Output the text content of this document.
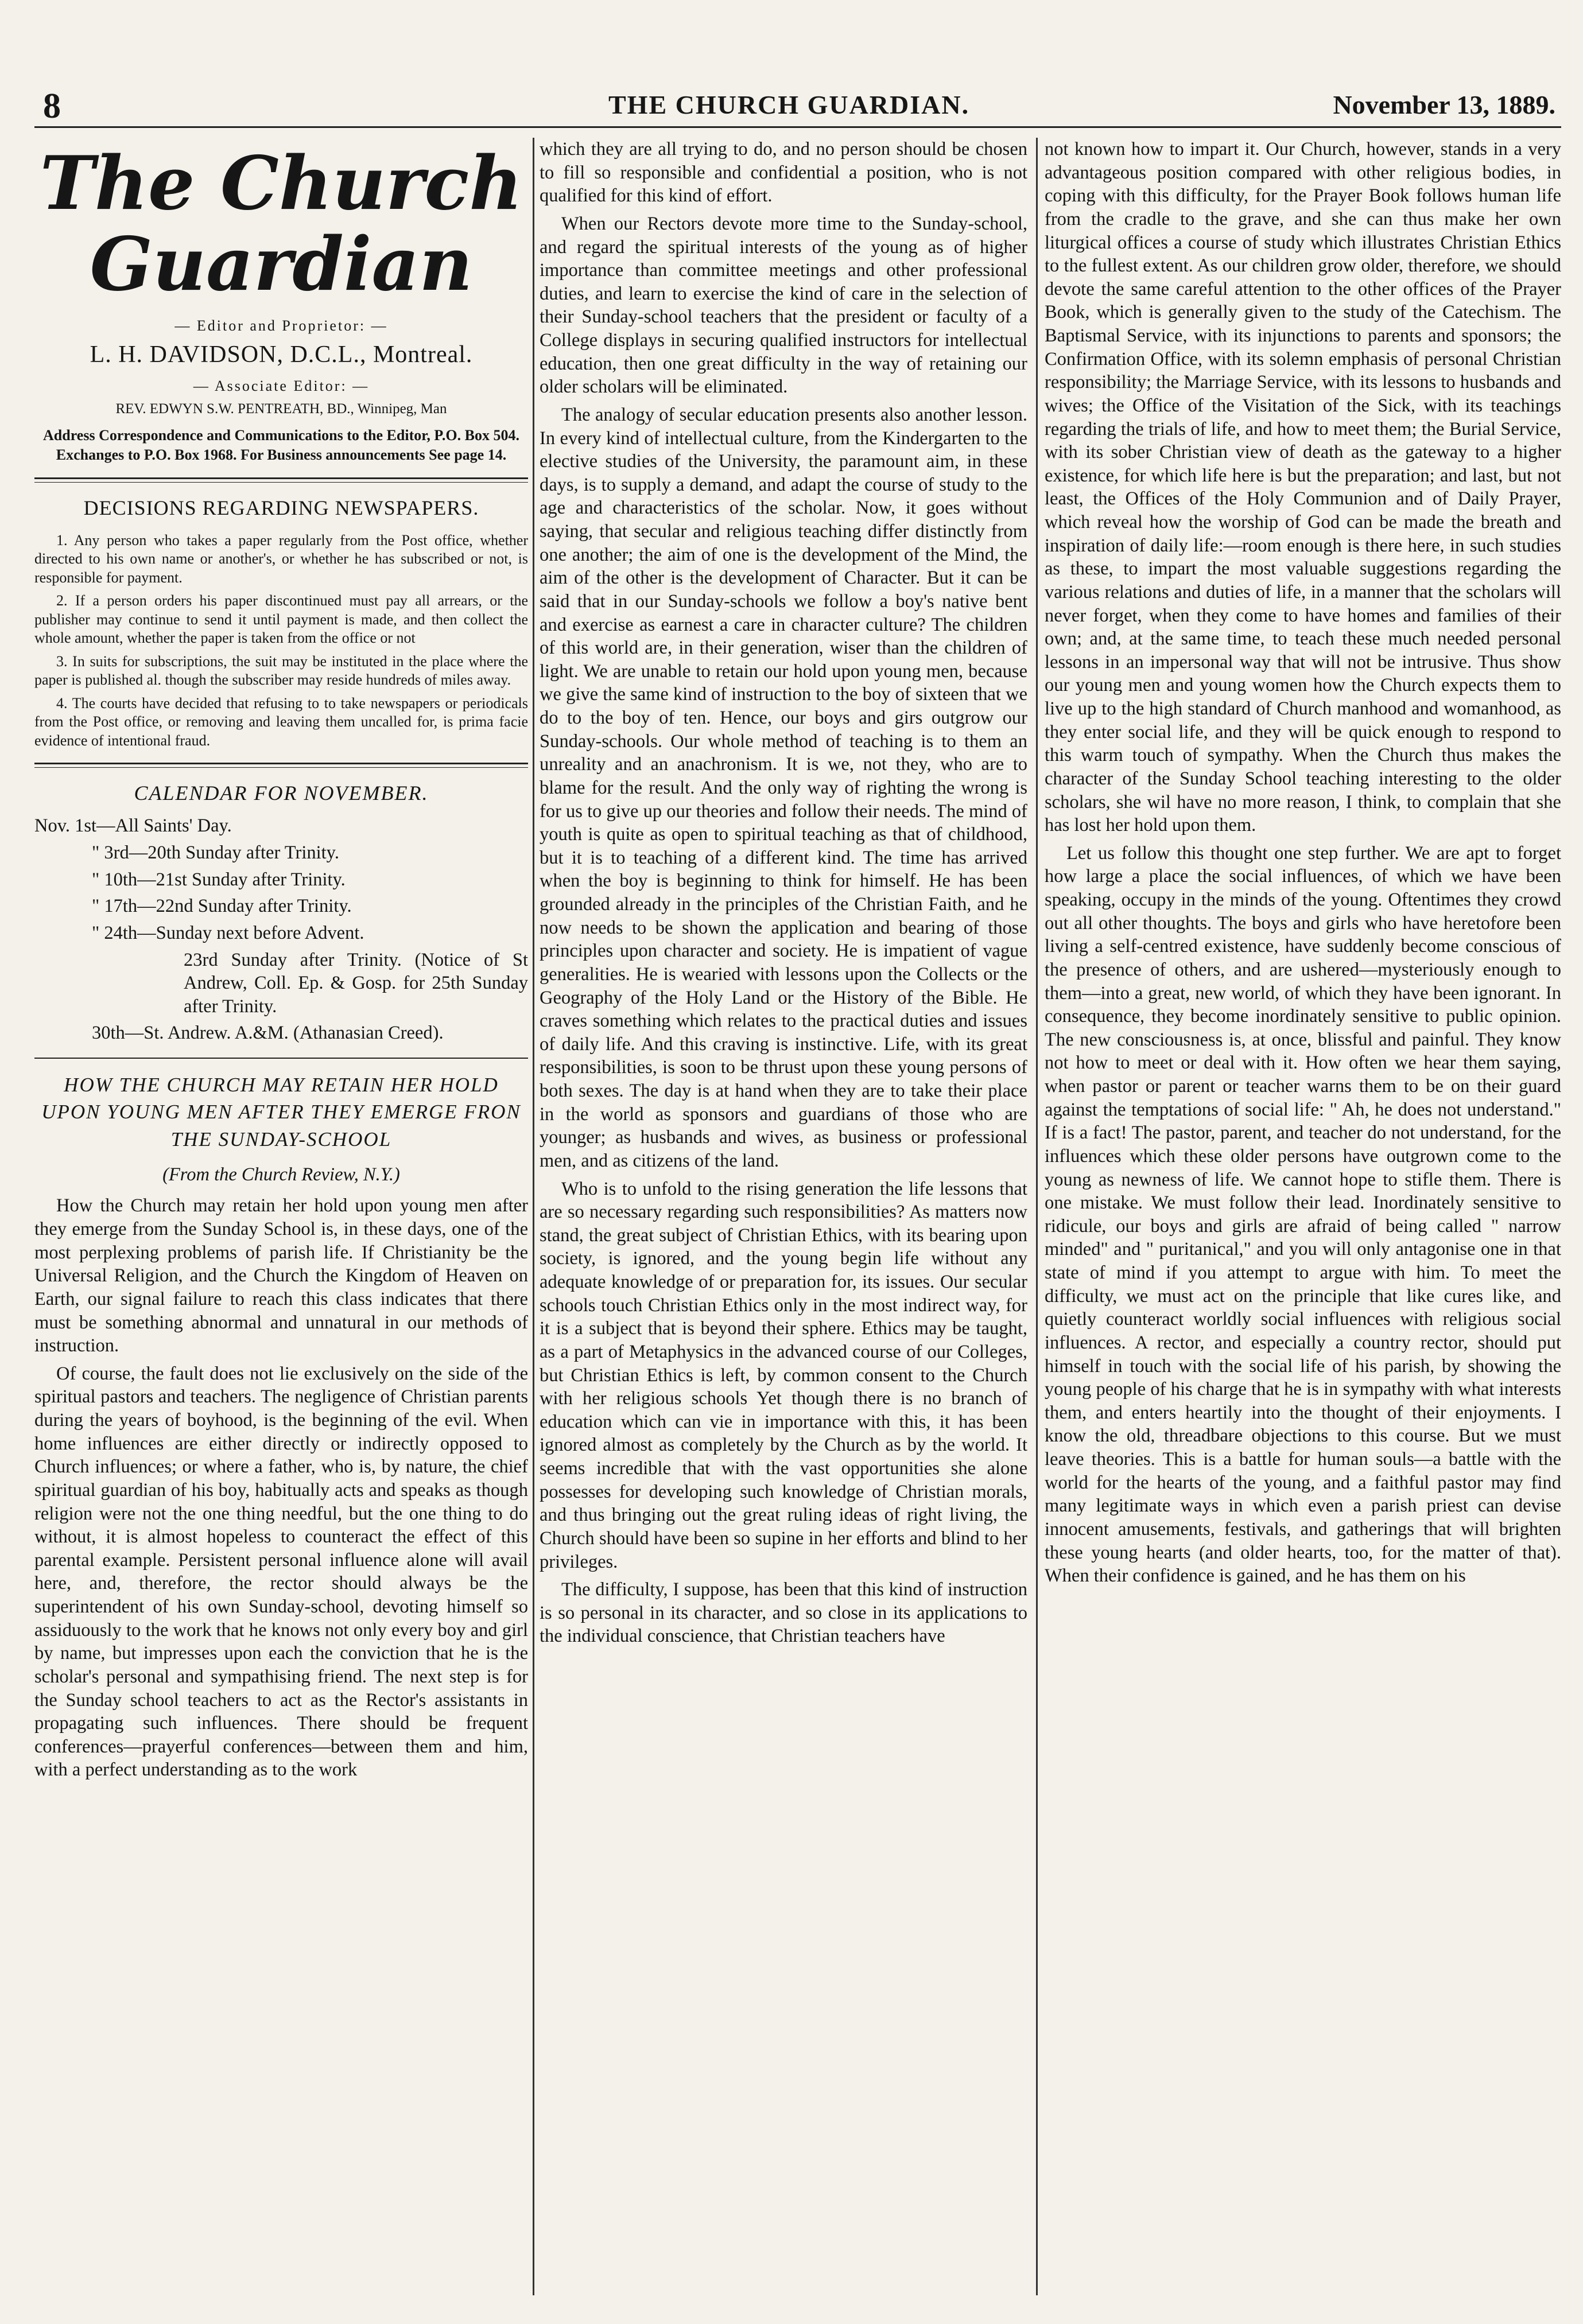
8	THE CHURCH GUARDIAN.	November 13, 1889.
The Church Guardian
— Editor and Proprietor: —
L. H. DAVIDSON, D.C.L., Montreal.
— Associate Editor: —
REV. EDWYN S.W. PENTREATH, BD., Winnipeg, Man
Address Correspondence and Communications to the Editor, P.O. Box 504. Exchanges to P.O. Box 1968. For Business announcements See page 14.
DECISIONS REGARDING NEWSPAPERS.

1. Any person who takes a paper regularly from the Post office, whether directed to his own name or another's, or whether he has subscribed or not, is responsible for payment.

2. If a person orders his paper discontinued must pay all arrears, or the publisher may continue to send it until payment is made, and then collect the whole amount, whether the paper is taken from the office or not

3. In suits for subscriptions, the suit may be instituted in the place where the paper is published al. though the subscriber may reside hundreds of miles away.

4. The courts have decided that refusing to to take newspapers or periodicals from the Post office, or removing and leaving them uncalled for, is prima facie evidence of intentional fraud.

CALENDAR FOR NOVEMBER.

Nov. 1st—All Saints' Day.

" 3rd—20th Sunday after Trinity.

" 10th—21st Sunday after Trinity.

" 17th—22nd Sunday after Trinity.

" 24th—Sunday next before Advent.

23rd Sunday after Trinity. (Notice of St Andrew, Coll. Ep. & Gosp. for 25th Sunday after Trinity.

30th—St. Andrew. A.&M. (Athanasian Creed).

HOW THE CHURCH MAY RETAIN HER HOLD UPON YOUNG MEN AFTER THEY EMERGE FRON THE SUNDAY-SCHOOL
(From the Church Review, N.Y.)

How the Church may retain her hold upon young men after they emerge from the Sunday School is, in these days, one of the most perplexing problems of parish life. If Christianity be the Universal Religion, and the Church the Kingdom of Heaven on Earth, our signal failure to reach this class indicates that there must be something abnormal and unnatural in our methods of instruction.

Of course, the fault does not lie exclusively on the side of the spiritual pastors and teachers. The negligence of Christian parents during the years of boyhood, is the beginning of the evil. When home influences are either directly or indirectly opposed to Church influences; or where a father, who is, by nature, the chief spiritual guardian of his boy, habitually acts and speaks as though religion were not the one thing needful, but the one thing to do without, it is almost hopeless to counteract the effect of this parental example. Persistent personal influence alone will avail here, and, therefore, the rector should always be the superintendent of his own Sunday-school, devoting himself so assiduously to the work that he knows not only every boy and girl by name, but impresses upon each the conviction that he is the scholar's personal and sympathising friend. The next step is for the Sunday school teachers to act as the Rector's assistants in propagating such influences. There should be frequent conferences—prayerful conferences—between them and him, with a perfect understanding as to the work

which they are all trying to do, and no person should be chosen to fill so responsible and confidential a position, who is not qualified for this kind of effort.

When our Rectors devote more time to the Sunday-school, and regard the spiritual interests of the young as of higher importance than committee meetings and other professional duties, and learn to exercise the kind of care in the selection of their Sunday-school teachers that the president or faculty of a College displays in securing qualified instructors for intellectual education, then one great difficulty in the way of retaining our older scholars will be eliminated.

The analogy of secular education presents also another lesson. In every kind of intellectual culture, from the Kindergarten to the elective studies of the University, the paramount aim, in these days, is to supply a demand, and adapt the course of study to the age and characteristics of the scholar. Now, it goes without saying, that secular and religious teaching differ distinctly from one another; the aim of one is the development of the Mind, the aim of the other is the development of Character. But it can be said that in our Sunday-schools we follow a boy's native bent and exercise as earnest a care in character culture? The children of this world are, in their generation, wiser than the children of light. We are unable to retain our hold upon young men, because we give the same kind of instruction to the boy of sixteen that we do to the boy of ten. Hence, our boys and girs outgrow our Sunday-schools. Our whole method of teaching is to them an unreality and an anachronism. It is we, not they, who are to blame for the result. And the only way of righting the wrong is for us to give up our theories and follow their needs. The mind of youth is quite as open to spiritual teaching as that of childhood, but it is to teaching of a different kind. The time has arrived when the boy is beginning to think for himself. He has been grounded already in the principles of the Christian Faith, and he now needs to be shown the application and bearing of those principles upon character and society. He is impatient of vague generalities. He is wearied with lessons upon the Collects or the Geography of the Holy Land or the History of the Bible. He craves something which relates to the practical duties and issues of daily life. And this craving is instinctive. Life, with its great responsibilities, is soon to be thrust upon these young persons of both sexes. The day is at hand when they are to take their place in the world as sponsors and guardians of those who are younger; as husbands and wives, as business or professional men, and as citizens of the land.

Who is to unfold to the rising generation the life lessons that are so necessary regarding such responsibilities? As matters now stand, the great subject of Christian Ethics, with its bearing upon society, is ignored, and the young begin life without any adequate knowledge of or preparation for, its issues. Our secular schools touch Christian Ethics only in the most indirect way, for it is a subject that is beyond their sphere. Ethics may be taught, as a part of Metaphysics in the advanced course of our Colleges, but Christian Ethics is left, by common consent to the Church with her religious schools Yet though there is no branch of education which can vie in importance with this, it has been ignored almost as completely by the Church as by the world. It seems incredible that with the vast opportunities she alone possesses for developing such knowledge of Christian morals, and thus bringing out the great ruling ideas of right living, the Church should have been so supine in her efforts and blind to her privileges.

The difficulty, I suppose, has been that this kind of instruction is so personal in its character, and so close in its applications to the individual conscience, that Christian teachers have

not known how to impart it. Our Church, however, stands in a very advantageous position compared with other religious bodies, in coping with this difficulty, for the Prayer Book follows human life from the cradle to the grave, and she can thus make her own liturgical offices a course of study which illustrates Christian Ethics to the fullest extent. As our children grow older, therefore, we should devote the same careful attention to the other offices of the Prayer Book, which is generally given to the study of the Catechism. The Baptismal Service, with its injunctions to parents and sponsors; the Confirmation Office, with its solemn emphasis of personal Christian responsibility; the Marriage Service, with its lessons to husbands and wives; the Office of the Visitation of the Sick, with its teachings regarding the trials of life, and how to meet them; the Burial Service, with its sober Christian view of death as the gateway to a higher existence, for which life here is but the preparation; and last, but not least, the Offices of the Holy Communion and of Daily Prayer, which reveal how the worship of God can be made the breath and inspiration of daily life:—room enough is there here, in such studies as these, to impart the most valuable suggestions regarding the various relations and duties of life, in a manner that the scholars will never forget, when they come to have homes and families of their own; and, at the same time, to teach these much needed personal lessons in an impersonal way that will not be intrusive. Thus show our young men and young women how the Church expects them to live up to the high standard of Church manhood and womanhood, as they enter social life, and they will be quick enough to respond to this warm touch of sympathy. When the Church thus makes the character of the Sunday School teaching interesting to the older scholars, she wil have no more reason, I think, to complain that she has lost her hold upon them.

Let us follow this thought one step further. We are apt to forget how large a place the social influences, of which we have been speaking, occupy in the minds of the young. Oftentimes they crowd out all other thoughts. The boys and girls who have heretofore been living a self-centred existence, have suddenly become conscious of the presence of others, and are ushered—mysteriously enough to them—into a great, new world, of which they have been ignorant. In consequence, they become inordinately sensitive to public opinion. The new consciousness is, at once, blissful and painful. They know not how to meet or deal with it. How often we hear them saying, when pastor or parent or teacher warns them to be on their guard against the temptations of social life: " Ah, he does not understand." If is a fact! The pastor, parent, and teacher do not understand, for the influences which these older persons have outgrown come to the young as newness of life. We cannot hope to stifle them. There is one mistake. We must follow their lead. Inordinately sensitive to ridicule, our boys and girls are afraid of being called " narrow minded" and " puritanical," and you will only antagonise one in that state of mind if you attempt to argue with him. To meet the difficulty, we must act on the principle that like cures like, and quietly counteract worldly social influences with religious social influences. A rector, and especially a country rector, should put himself in touch with the social life of his parish, by showing the young people of his charge that he is in sympathy with what interests them, and enters heartily into the thought of their enjoyments. I know the old, threadbare objections to this course. But we must leave theories. This is a battle for human souls—a battle with the world for the hearts of the young, and a faithful pastor may find many legitimate ways in which even a parish priest can devise innocent amusements, festivals, and gatherings that will brighten these young hearts (and older hearts, too, for the matter of that). When their confidence is gained, and he has them on his
